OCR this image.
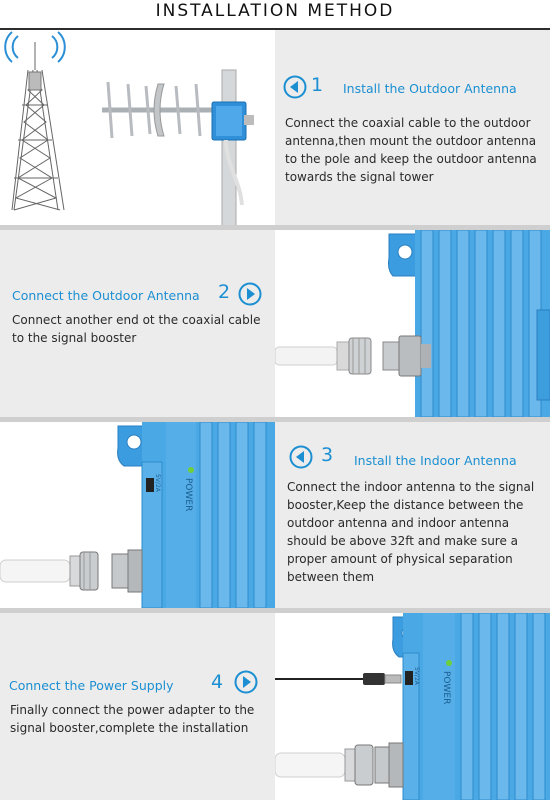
INSTALLATION METHOD
1 Install the Outdoor Antenna
Connect the coaxial cable to the outdoor antenna,then mount the outdoor antenna to the pole and keep the outdoor antenna towards the signal tower
Connect the Outdoor Antenna 2
Connect another end ot the coaxial cable to the signal booster
POWER
5V/2A
3 Install the Indoor Antenna
Connect the indoor antenna to the signal booster,Keep the distance between the outdoor antenna and indoor antenna should be above 32ft and make sure a proper amount of physical separation between them
Connect the Power Supply 4
Finally connect the power adapter to the signal booster,complete the installation
POWER
5V/2A
